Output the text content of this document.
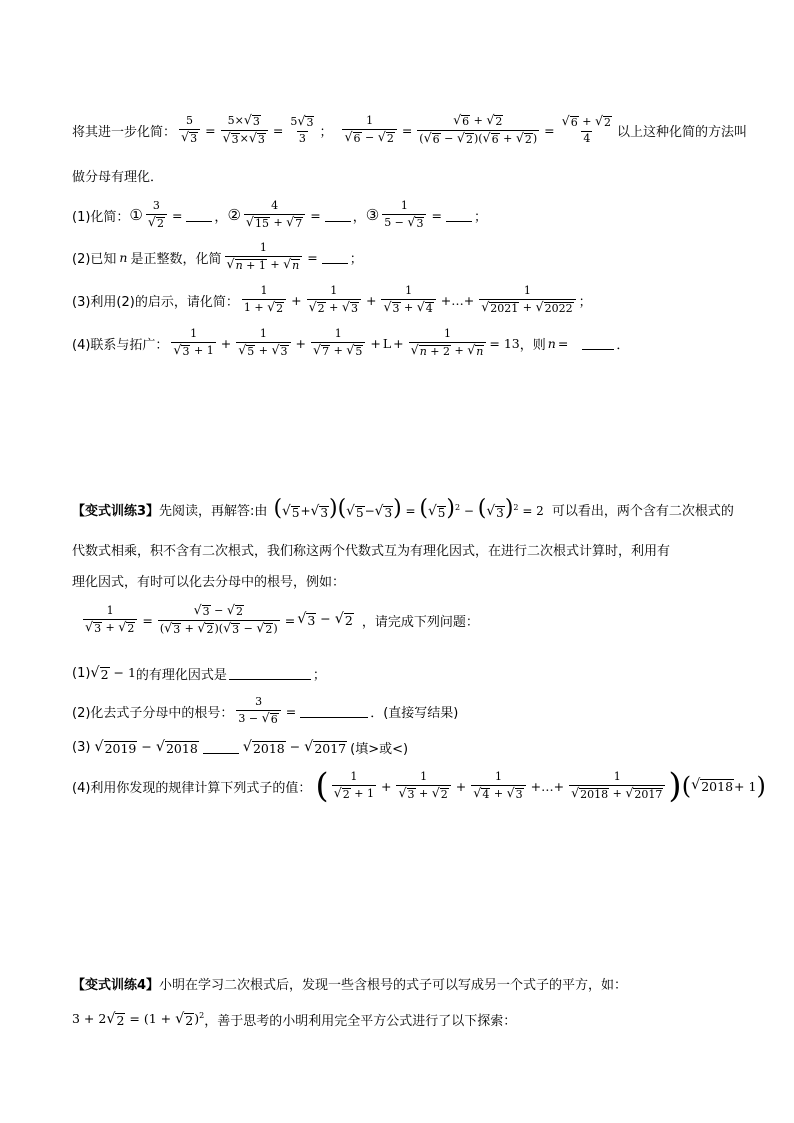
将其进一步化简： $\frac{5}{√ 3} = \frac{5\times √ 3}{√ 3 \times √ 3} = \frac{5 √ 3}{3}$ ； $\frac{1}{√ 6 - √ 2} = \frac{√ 6 + √ 2}{( √ 6 - √ 2 )( √ 6 + √ 2 )} = \frac{√ 6 + √ 2}{4}$ 以上这种化简的方法叫
做分母有理化．
(1)化简： ① $\frac{3}{√ 2}$ = ， ② $\frac{4}{√ 15 + √ 7}$ = ， ③ $\frac{1}{5 - √ 3}$ = ；
(2)已知 n 是正整数，化简 $\frac{1}{√ n + 1 + √ n}$ = ；
(3)利用(2)的启示，请化简： $\frac{1}{1 + √ 2} + \frac{1}{√ 2 + √ 3} + \frac{1}{√ 3 + √ 4}$ +…+ $\frac{1}{√ 2021 + √ 2022}$ ；
(4)联系与拓广： $\frac{1}{√ 3 + 1} + \frac{1}{√ 5 + √ 3} + \frac{1}{√ 7 + √ 5} + L + \frac{1}{√ n + 2 + √ n} = 13$ ，则 n =	．
【变式训练3】 先阅读，再解答:由 ( √ 5 + √ 3 )( √ 5 − √ 3 ) = ( √ 5 )$^2$ − ( √ 3 )$^2$ = 2 可以看出，两个含有二次根式的
代数式相乘，积不含有二次根式，我们称这两个代数式互为有理化因式，在进行二次根式计算时，利用有
理化因式，有时可以化去分母中的根号，例如：
$\frac{1}{√ 3 + √ 2} = \frac{√ 3 - √ 2}{( √ 3 + √ 2 )( √ 3 - √ 2 )}$ = √ 3 − √ 2 ，请完成下列问题：
(1) √ 2 − 1 的有理化因式是	；
(2)化去式子分母中的根号： $\frac{3}{3 - √ 6}$ =	．(直接写结果)
(3) √ 2019 − √ 2018	√ 2018 − √ 2017 (填>或<)
(4)利用你发现的规律计算下列式子的值： ( $\frac{1}{√ 2 + 1} + \frac{1}{√ 3 + √ 2} + \frac{1}{√ 4 + √ 3}$ +…+ $\frac{1}{√ 2018 + √ 2017}$ ) ( √ 2018 + 1 )
【变式训练4】 小明在学习二次根式后，发现一些含根号的式子可以写成另一个式子的平方，如：
3 + 2 √ 2 = (1 + √ 2 )$^2$ ，善于思考的小明利用完全平方公式进行了以下探索：
